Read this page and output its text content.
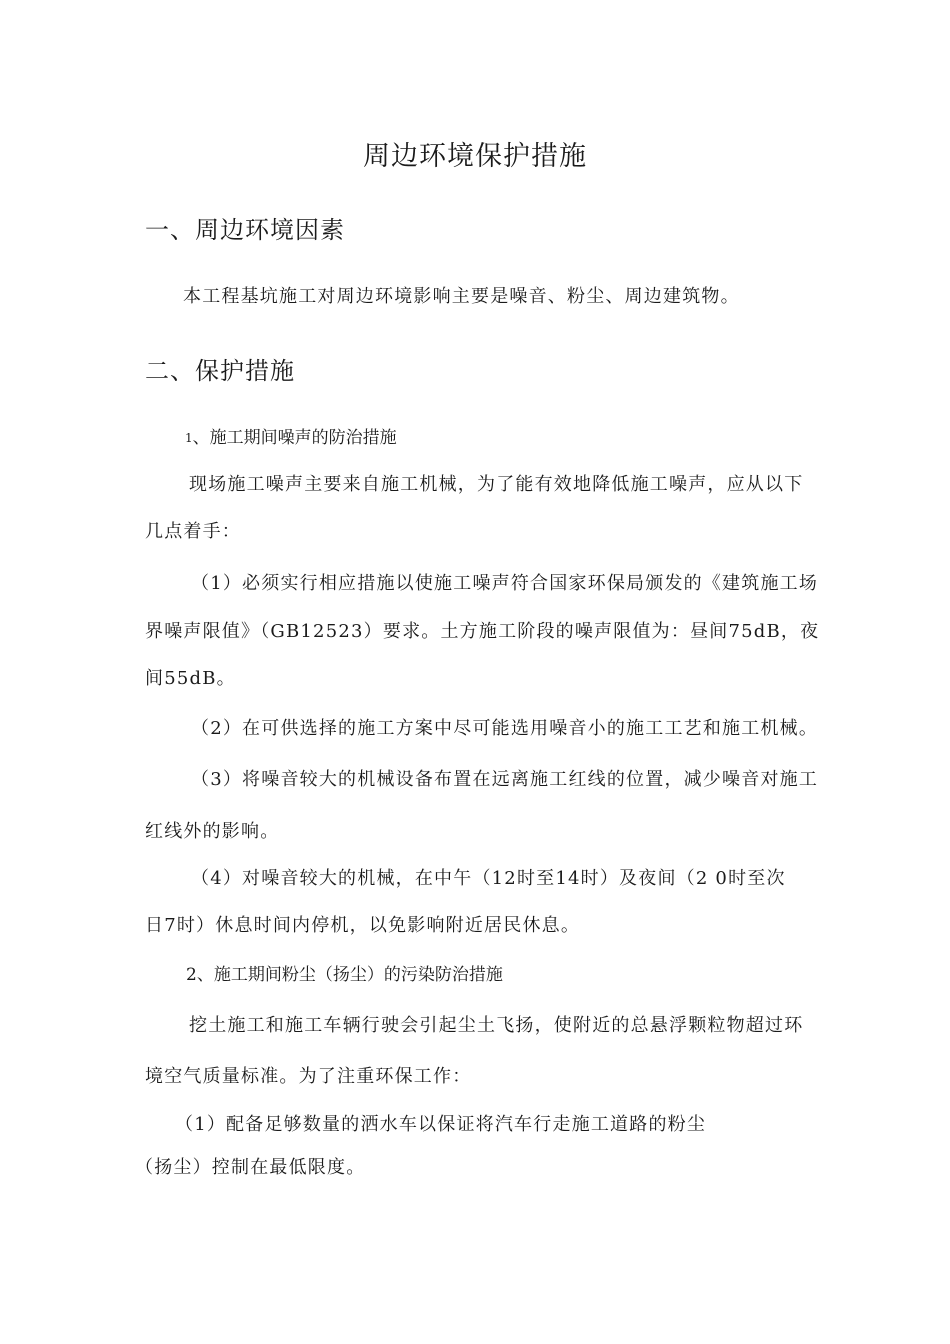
周边环境保护措施
一、周边环境因素
本工程基坑施工对周边环境影响主要是噪音、粉尘、周边建筑物。
二、保护措施
1、施工期间噪声的防治措施
现场施工噪声主要来自施工机械，为了能有效地降低施工噪声，应从以下
几点着手：
（1）必须实行相应措施以使施工噪声符合国家环保局颁发的《建筑施工场
界噪声限值》（GB12523）要求。土方施工阶段的噪声限值为：昼间75dB，夜
间55dB。
（2）在可供选择的施工方案中尽可能选用噪音小的施工工艺和施工机械。
（3）将噪音较大的机械设备布置在远离施工红线的位置，减少噪音对施工
红线外的影响。
（4）对噪音较大的机械，在中午（12时至14时）及夜间（2 0时至次
日7时）休息时间内停机，以免影响附近居民休息。
2、施工期间粉尘（扬尘）的污染防治措施
挖土施工和施工车辆行驶会引起尘土飞扬，使附近的总悬浮颗粒物超过环
境空气质量标准。为了注重环保工作：
（1）配备足够数量的洒水车以保证将汽车行走施工道路的粉尘
（扬尘）控制在最低限度。
